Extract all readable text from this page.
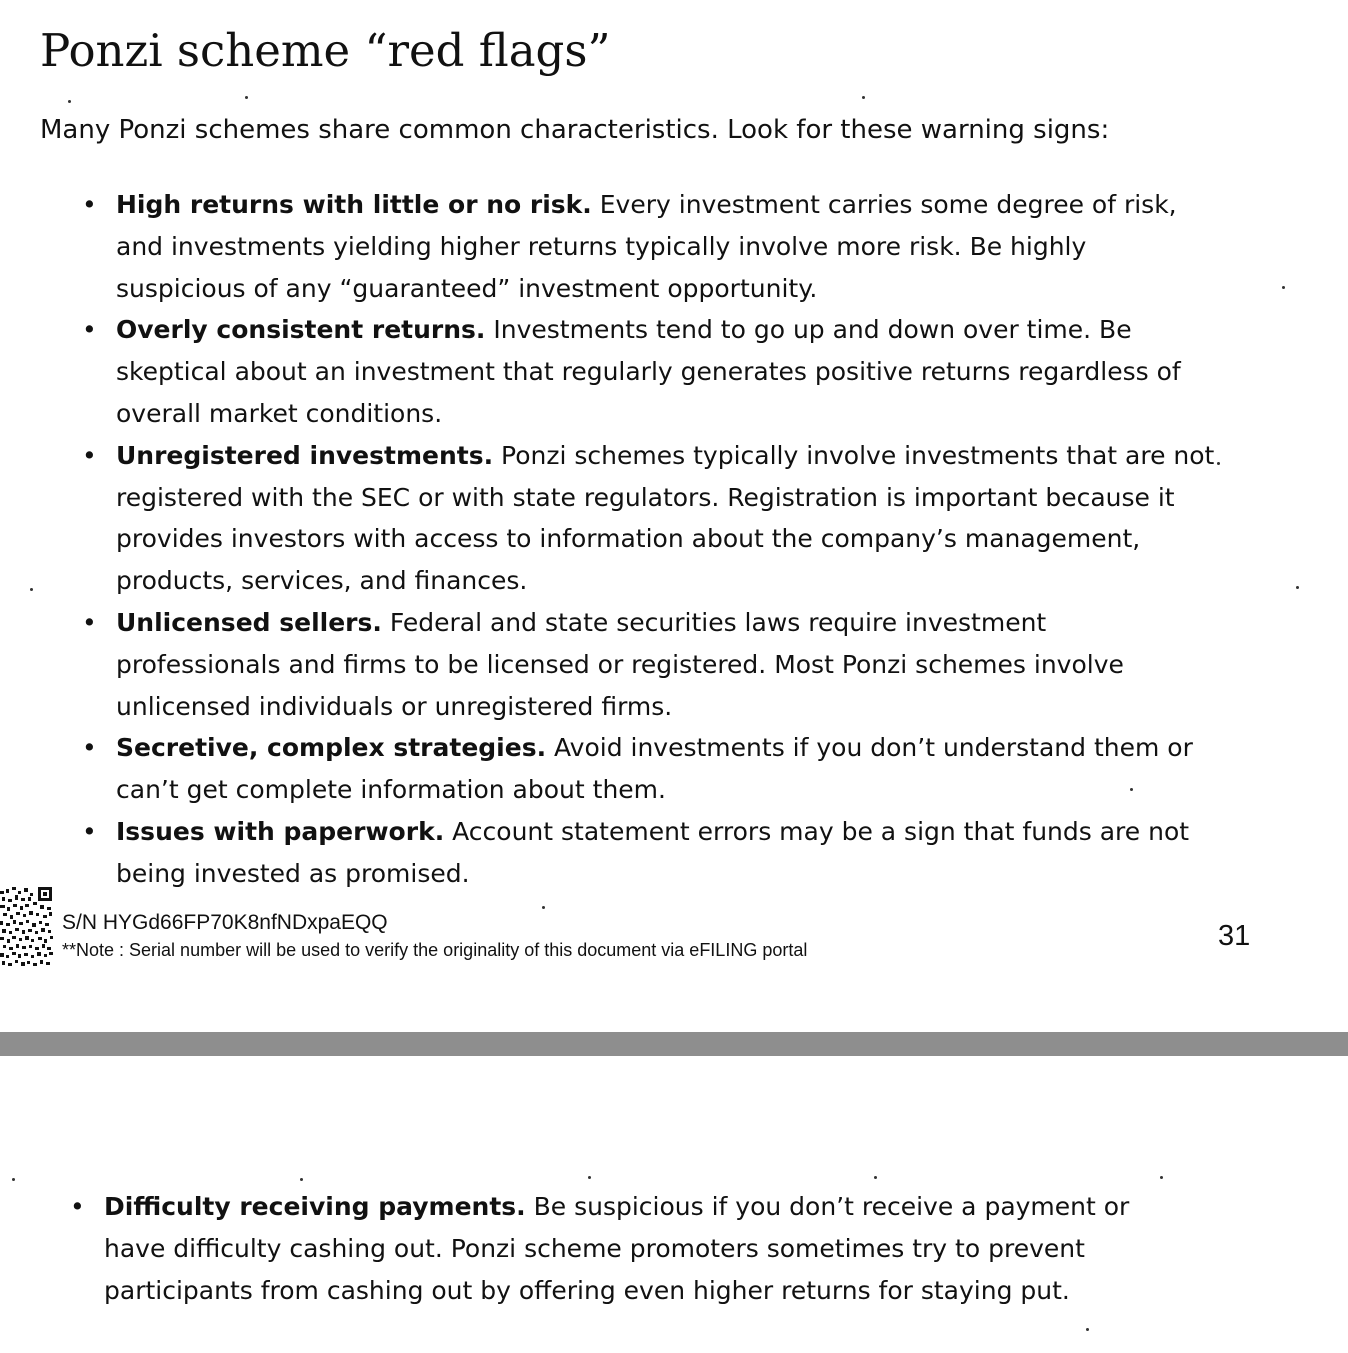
Ponzi scheme “red flags”

Many Ponzi schemes share common characteristics. Look for these warning signs:

• High returns with little or no risk. Every investment carries some degree of risk, and investments yielding higher returns typically involve more risk. Be highly suspicious of any “guaranteed” investment opportunity.
• Overly consistent returns. Investments tend to go up and down over time. Be skeptical about an investment that regularly generates positive returns regardless of overall market conditions.
• Unregistered investments. Ponzi schemes typically involve investments that are not registered with the SEC or with state regulators. Registration is important because it provides investors with access to information about the company’s management, products, services, and finances.
• Unlicensed sellers. Federal and state securities laws require investment professionals and firms to be licensed or registered. Most Ponzi schemes involve unlicensed individuals or unregistered firms.
• Secretive, complex strategies. Avoid investments if you don’t understand them or can’t get complete information about them.
• Issues with paperwork. Account statement errors may be a sign that funds are not being invested as promised.
S/N HYGd66FP70K8nfNDxpaEQQ
**Note : Serial number will be used to verify the originality of this document via eFILING portal	31
• Difficulty receiving payments. Be suspicious if you don’t receive a payment or have difficulty cashing out. Ponzi scheme promoters sometimes try to prevent participants from cashing out by offering even higher returns for staying put.
